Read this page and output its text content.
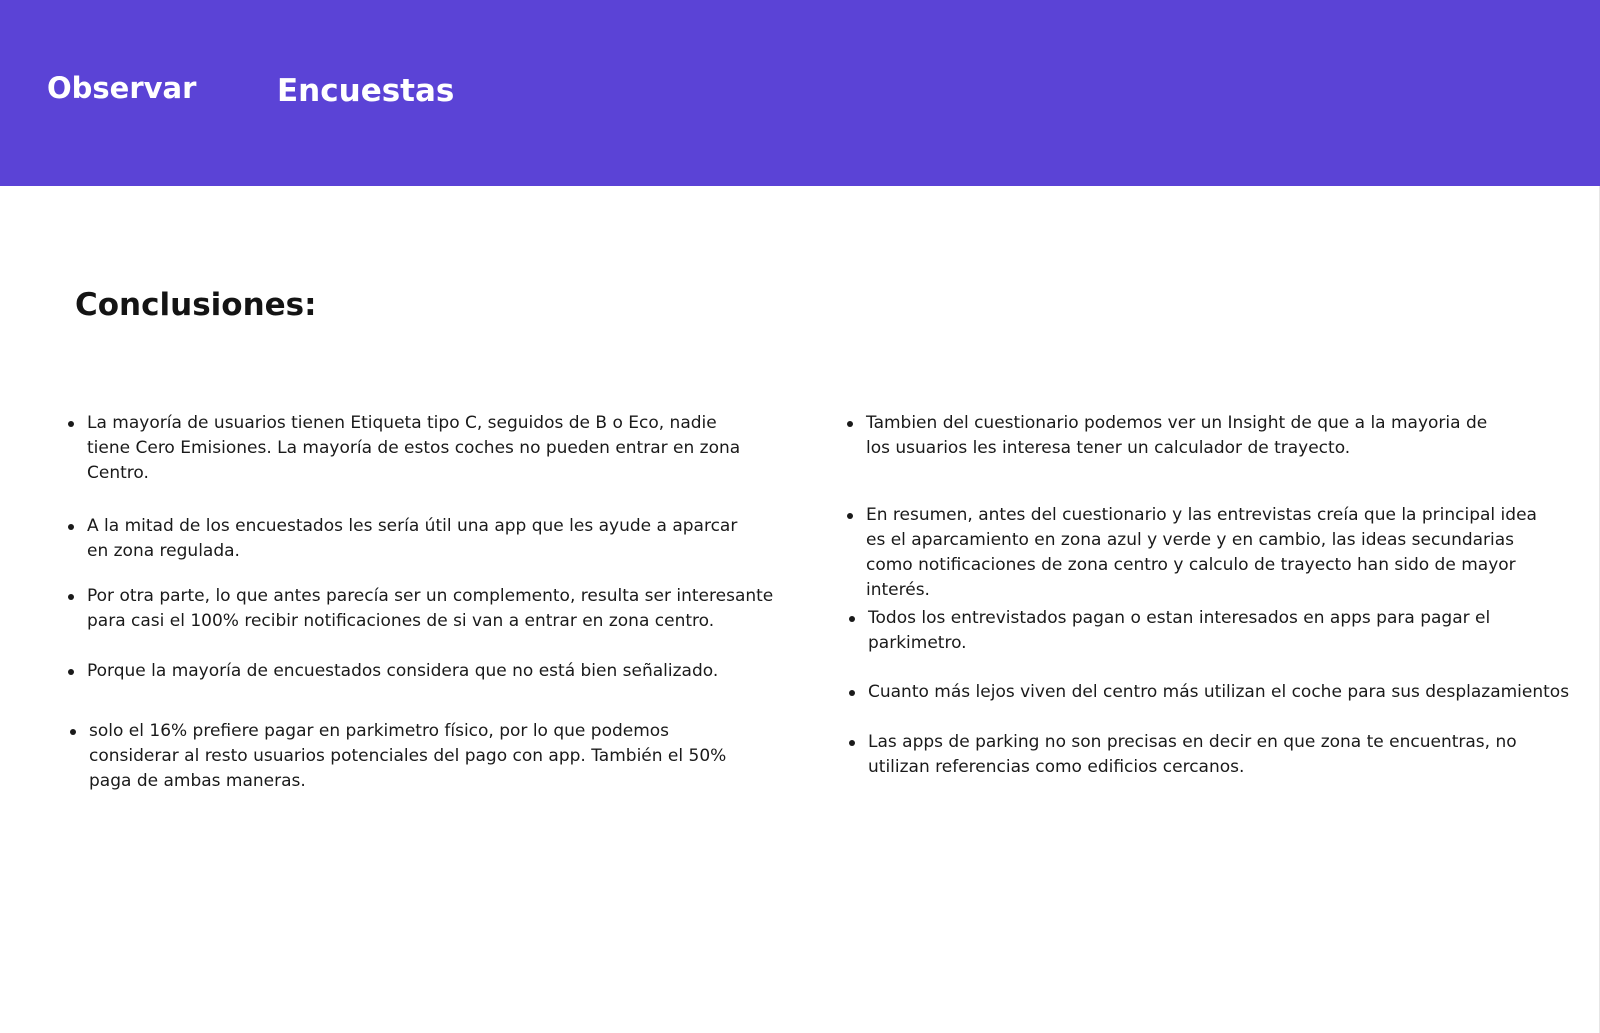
Observar	Encuestas
Conclusiones:

La mayoría de usuarios tienen Etiqueta tipo C, seguidos de B o Eco, nadie
tiene Cero Emisiones. La mayoría de estos coches no pueden entrar en zona
Centro.

A la mitad de los encuestados les sería útil una app que les ayude a aparcar
en zona regulada.

Por otra parte, lo que antes parecía ser un complemento, resulta ser interesante
para casi el 100% recibir notificaciones de si van a entrar en zona centro.

Porque la mayoría de encuestados considera que no está bien señalizado.

solo el 16% prefiere pagar en parkimetro físico, por lo que podemos
considerar al resto usuarios potenciales del pago con app. También el 50%
paga de ambas maneras.

Tambien del cuestionario podemos ver un Insight de que a la mayoria de
los usuarios les interesa tener un calculador de trayecto.

En resumen, antes del cuestionario y las entrevistas creía que la principal idea
es el aparcamiento en zona azul y verde y en cambio, las ideas secundarias
como notificaciones de zona centro y calculo de trayecto han sido de mayor
interés.

Todos los entrevistados pagan o estan interesados en apps para pagar el
parkimetro.

Cuanto más lejos viven del centro más utilizan el coche para sus desplazamientos

Las apps de parking no son precisas en decir en que zona te encuentras, no
utilizan referencias como edificios cercanos.
